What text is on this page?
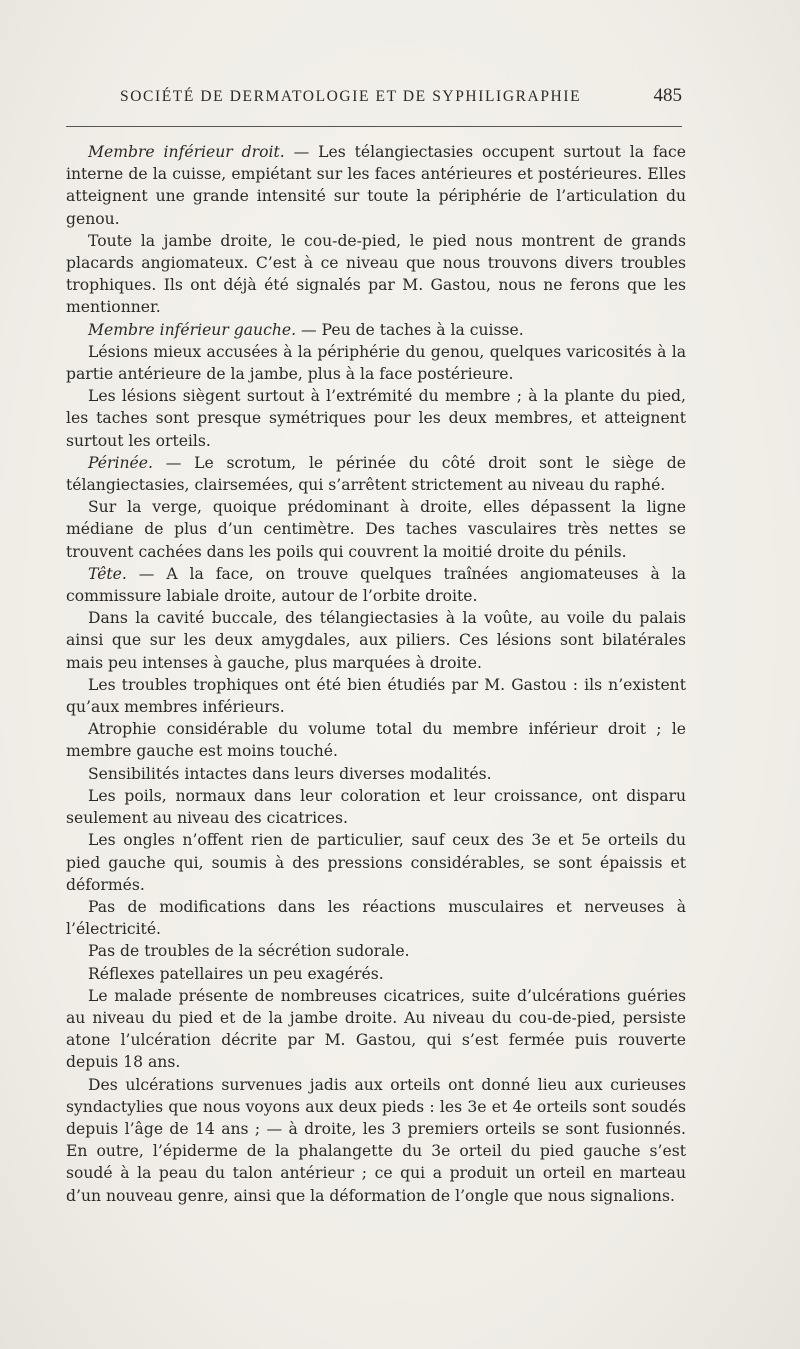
SOCIÉTÉ DE DERMATOLOGIE ET DE SYPHILIGRAPHIE	485

Membre inférieur droit. — Les télangiectasies occupent surtout la face interne de la cuisse, empiétant sur les faces antérieures et postérieures. Elles atteignent une grande intensité sur toute la périphérie de l’articulation du genou.

Toute la jambe droite, le cou-de-pied, le pied nous montrent de grands placards angiomateux. C’est à ce niveau que nous trouvons divers troubles trophiques. Ils ont déjà été signalés par M. Gastou, nous ne ferons que les mentionner.

Membre inférieur gauche. — Peu de taches à la cuisse.

Lésions mieux accusées à la périphérie du genou, quelques varicosités à la partie antérieure de la jambe, plus à la face postérieure.

Les lésions siègent surtout à l’extrémité du membre ; à la plante du pied, les taches sont presque symétriques pour les deux membres, et atteignent surtout les orteils.

Périnée. — Le scrotum, le périnée du côté droit sont le siège de télangiectasies, clairsemées, qui s’arrêtent strictement au niveau du raphé.

Sur la verge, quoique prédominant à droite, elles dépassent la ligne médiane de plus d’un centimètre. Des taches vasculaires très nettes se trouvent cachées dans les poils qui couvrent la moitié droite du pénils.

Tête. — A la face, on trouve quelques traînées angiomateuses à la commissure labiale droite, autour de l’orbite droite.

Dans la cavité buccale, des télangiectasies à la voûte, au voile du palais ainsi que sur les deux amygdales, aux piliers. Ces lésions sont bilatérales mais peu intenses à gauche, plus marquées à droite.

Les troubles trophiques ont été bien étudiés par M. Gastou : ils n’existent qu’aux membres inférieurs.

Atrophie considérable du volume total du membre inférieur droit ; le membre gauche est moins touché.

Sensibilités intactes dans leurs diverses modalités.

Les poils, normaux dans leur coloration et leur croissance, ont disparu seulement au niveau des cicatrices.

Les ongles n’offent rien de particulier, sauf ceux des 3e et 5e orteils du pied gauche qui, soumis à des pressions considérables, se sont épaissis et déformés.

Pas de modifications dans les réactions musculaires et nerveuses à l’électricité.

Pas de troubles de la sécrétion sudorale.

Réflexes patellaires un peu exagérés.

Le malade présente de nombreuses cicatrices, suite d’ulcérations guéries au niveau du pied et de la jambe droite. Au niveau du cou-de-pied, persiste atone l’ulcération décrite par M. Gastou, qui s’est fermée puis rouverte depuis 18 ans.

Des ulcérations survenues jadis aux orteils ont donné lieu aux curieuses syndactylies que nous voyons aux deux pieds : les 3e et 4e orteils sont soudés depuis l’âge de 14 ans ; — à droite, les 3 premiers orteils se sont fusionnés. En outre, l’épiderme de la phalangette du 3e orteil du pied gauche s’est soudé à la peau du talon antérieur ; ce qui a produit un orteil en marteau d’un nouveau genre, ainsi que la déformation de l’ongle que nous signalions.
